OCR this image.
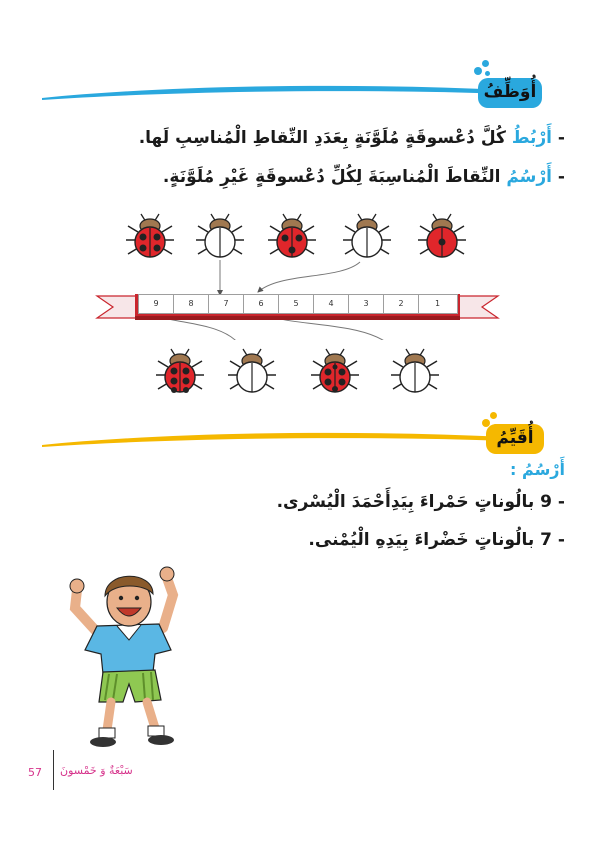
أُوَظِّفُ
- أَرْبُطُ كُلَّ دُعْسوقَةٍ مُلَوَّنَةٍ بِعَدَدِ النِّقاطِ الْمُناسِبِ لَها.
- أَرْسُمُ النِّقاطَ الْمُناسِبَةَ لِكُلِّ دُعْسوقَةٍ غَيْرِ مُلَوَّنَةٍ.
9	8	7	6	5	4	3	2	1
أُقَيِّمُ
أَرْسُمُ :
- 9 بالُوناتٍ حَمْراءَ بِيَدِأَحْمَدَ الْيُسْرى.
- 7 بالُوناتٍ خَضْراءَ بِيَدِهِ الْيُمْنى.
سَبْعَةٌ وَ خَمْسونَ
57
